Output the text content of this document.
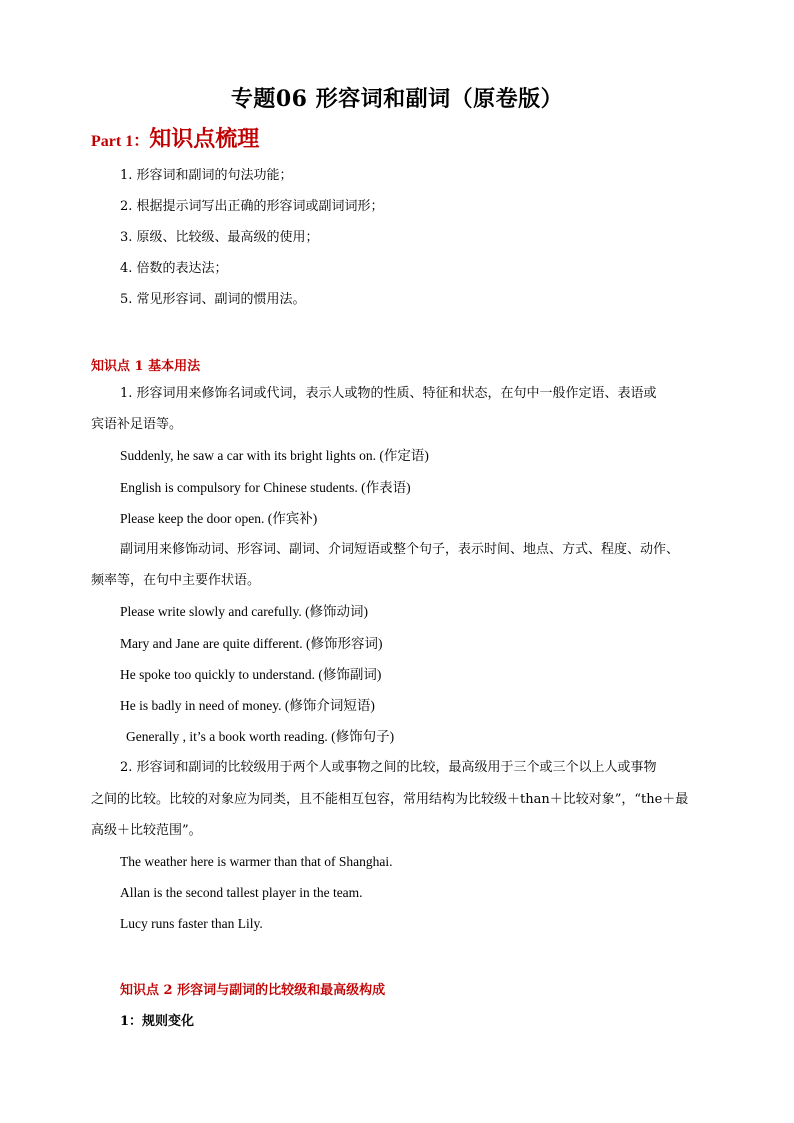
专题06 形容词和副词（原卷版）
Part 1：知识点梳理
1. 形容词和副词的句法功能；
2. 根据提示词写出正确的形容词或副词词形；
3. 原级、比较级、最高级的使用；
4. 倍数的表达法；
5. 常见形容词、副词的惯用法。
知识点 1 基本用法
1. 形容词用来修饰名词或代词，表示人或物的性质、特征和状态，在句中一般作定语、表语或
宾语补足语等。
Suddenly, he saw a car with its bright lights on. (作定语)
English is compulsory for Chinese students. (作表语)
Please keep the door open. (作宾补)
副词用来修饰动词、形容词、副词、介词短语或整个句子，表示时间、地点、方式、程度、动作、
频率等，在句中主要作状语。
Please write slowly and carefully. (修饰动词)
Mary and Jane are quite different. (修饰形容词)
He spoke too quickly to understand. (修饰副词)
He is badly in need of money. (修饰介词短语)
Generally , it’s a book worth reading. (修饰句子)
2. 形容词和副词的比较级用于两个人或事物之间的比较，最高级用于三个或三个以上人或事物
之间的比较。比较的对象应为同类，且不能相互包容，常用结构为比较级＋than＋比较对象”，“the＋最
高级＋比较范围”。
The weather here is warmer than that of Shanghai.
Allan is the second tallest player in the team.
Lucy runs faster than Lily.
知识点 2 形容词与副词的比较级和最高级构成
1：规则变化
